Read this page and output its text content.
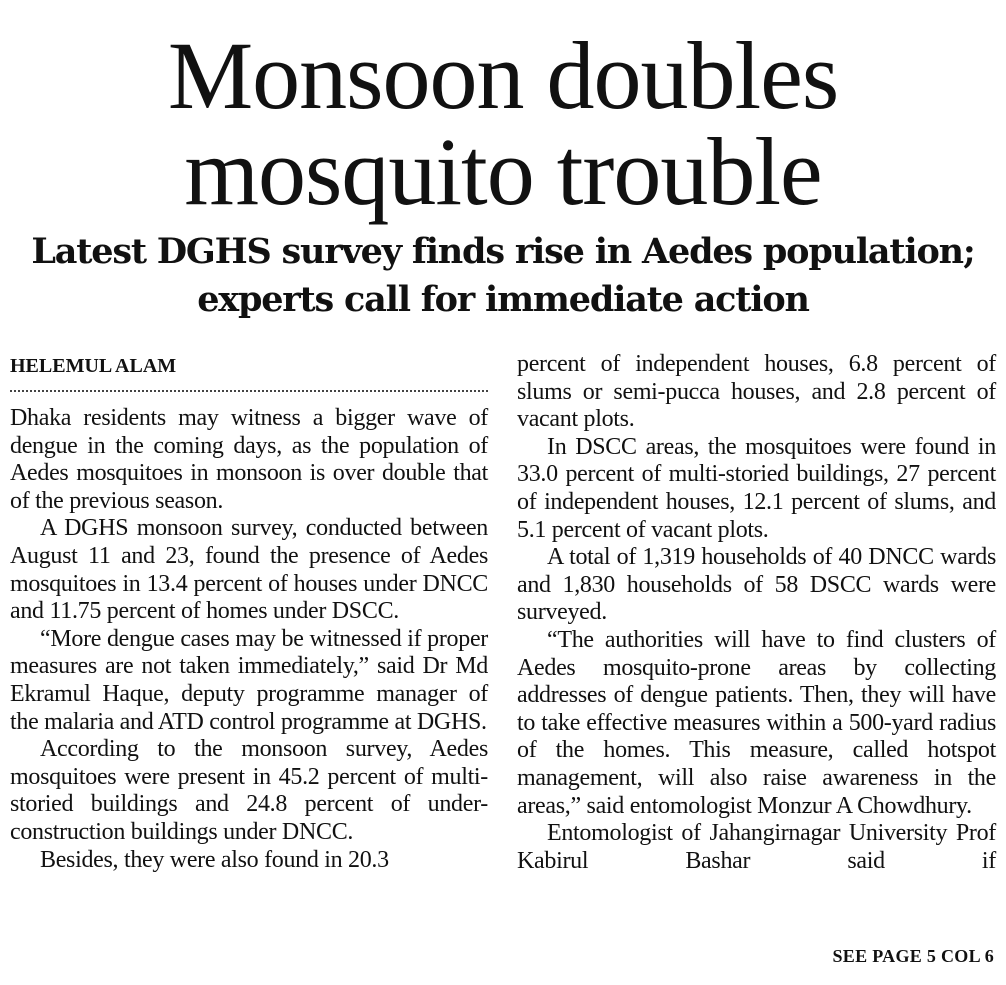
Monsoon doubles
mosquito trouble
Latest DGHS survey finds rise in Aedes population;
experts call for immediate action
HELEMUL ALAM

Dhaka residents may witness a bigger wave of dengue in the coming days, as the population of Aedes mosquitoes in monsoon is over double that of the previous season.

A DGHS monsoon survey, conducted between August 11 and 23, found the presence of Aedes mosquitoes in 13.4 percent of houses under DNCC and 11.75 percent of homes under DSCC.

“More dengue cases may be witnessed if proper measures are not taken immediately,” said Dr Md Ekramul Haque, deputy programme manager of the malaria and ATD control programme at DGHS.

According to the monsoon survey, Aedes mosquitoes were present in 45.2 percent of multi-storied buildings and 24.8 percent of under-construction buildings under DNCC.

Besides, they were also found in 20.3

percent of independent houses, 6.8 percent of slums or semi-pucca houses, and 2.8 percent of vacant plots.

In DSCC areas, the mosquitoes were found in 33.0 percent of multi-storied buildings, 27 percent of independent houses, 12.1 percent of slums, and 5.1 percent of vacant plots.

A total of 1,319 households of 40 DNCC wards and 1,830 households of 58 DSCC wards were surveyed.

“The authorities will have to find clusters of Aedes mosquito-prone areas by collecting addresses of dengue patients. Then, they will have to take effective measures within a 500-yard radius of the homes. This measure, called hotspot management, will also raise awareness in the areas,” said entomologist Monzur A Chowdhury.

Entomologist of Jahangirnagar University Prof Kabirul Bashar said if

SEE PAGE 5 COL 6
